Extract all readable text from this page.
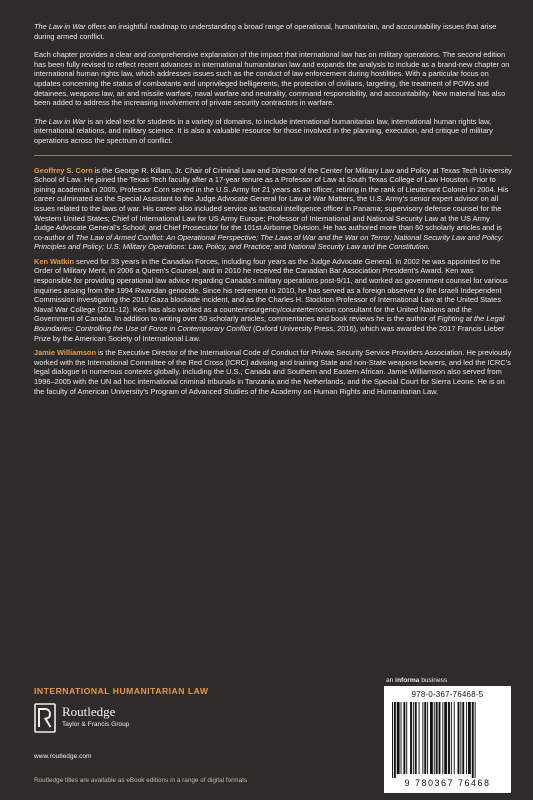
The Law in War offers an insightful roadmap to understanding a broad range of operational, humanitarian, and accountability issues that arise during armed conflict.

Each chapter provides a clear and comprehensive explanation of the impact that international law has on military operations. The second edition has been fully revised to reflect recent advances in international humanitarian law and expands the analysis to include as a brand-new chapter on international human rights law, which addresses issues such as the conduct of law enforcement during hostilities. With a particular focus on updates concerning the status of combatants and unprivileged belligerents, the protection of civilians, targeting, the treatment of POWs and detainees, weapons law, air and missile warfare, naval warfare and neutrality, command responsibility, and accountability. New material has also been added to address the increasing involvement of private security contractors in warfare.

The Law in War is an ideal text for students in a variety of domains, to include international humanitarian law, international human rights law, international relations, and military science. It is also a valuable resource for those involved in the planning, execution, and critique of military operations across the spectrum of conflict.

Geoffrey S. Corn is the George R. Killam, Jr. Chair of Criminal Law and Director of the Center for Military Law and Policy at Texas Tech University School of Law. He joined the Texas Tech faculty after a 17-year tenure as a Professor of Law at South Texas College of Law Houston. Prior to joining academia in 2005, Professor Corn served in the U.S. Army for 21 years as an officer, retiring in the rank of Lieutenant Colonel in 2004. His career culminated as the Special Assistant to the Judge Advocate General for Law of War Matters, the U.S. Army’s senior expert advisor on all issues related to the laws of war. His career also included service as tactical intelligence officer in Panama; supervisory defense counsel for the Western United States; Chief of International Law for US Army Europe; Professor of International and National Security Law at the US Army Judge Advocate General’s School; and Chief Prosecutor for the 101st Airborne Division. He has authored more than 60 scholarly articles and is co-author of The Law of Armed Conflict: An Operational Perspective; The Laws of War and the War on Terror; National Security Law and Policy: Principles and Policy; U.S. Military Operations: Law, Policy, and Practice; and National Security Law and the Constitution.

Ken Watkin served for 33 years in the Canadian Forces, including four years as the Judge Advocate General. In 2002 he was appointed to the Order of Military Merit, in 2006 a Queen’s Counsel, and in 2010 he received the Canadian Bar Association President’s Award. Ken was responsible for providing operational law advice regarding Canada’s military operations post-9/11, and worked as government counsel for various inquiries arising from the 1994 Rwandan genocide. Since his retirement in 2010, he has served as a foreign observer to the Israeli Independent Commission investigating the 2010 Gaza blockade incident, and as the Charles H. Stockton Professor of International Law at the United States Naval War College (2011-12). Ken has also worked as a counterinsurgency/counterterrorism consultant for the United Nations and the Government of Canada. In addition to writing over 50 scholarly articles, commentaries and book reviews he is the author of Fighting at the Legal Boundaries: Controlling the Use of Force in Contemporary Conflict (Oxford University Press, 2016), which was awarded the 2017 Francis Lieber Prize by the American Society of International Law.

Jamie Williamson is the Executive Director of the International Code of Conduct for Private Security Service Providers Association. He previously worked with the International Committee of the Red Cross (ICRC) advising and training State and non-State weapons bearers, and led the ICRC’s legal dialogue in numerous contexts globally, including the U.S., Canada and Southern and Eastern African. Jamie Williamson also served from 1996–2005 with the UN ad hoc international criminal tribunals in Tanzania and the Netherlands, and the Special Court for Sierra Leone. He is on the faculty of American University’s Program of Advanced Studies of the Academy on Human Rights and Humanitarian Law.

INTERNATIONAL HUMANITARIAN LAW
an informa business
Routledge
Taylor & Francis Group
www.routledge.com
Routledge titles are available as eBook editions in a range of digital formats
978-0-367-76468-5
9 780367 76468
